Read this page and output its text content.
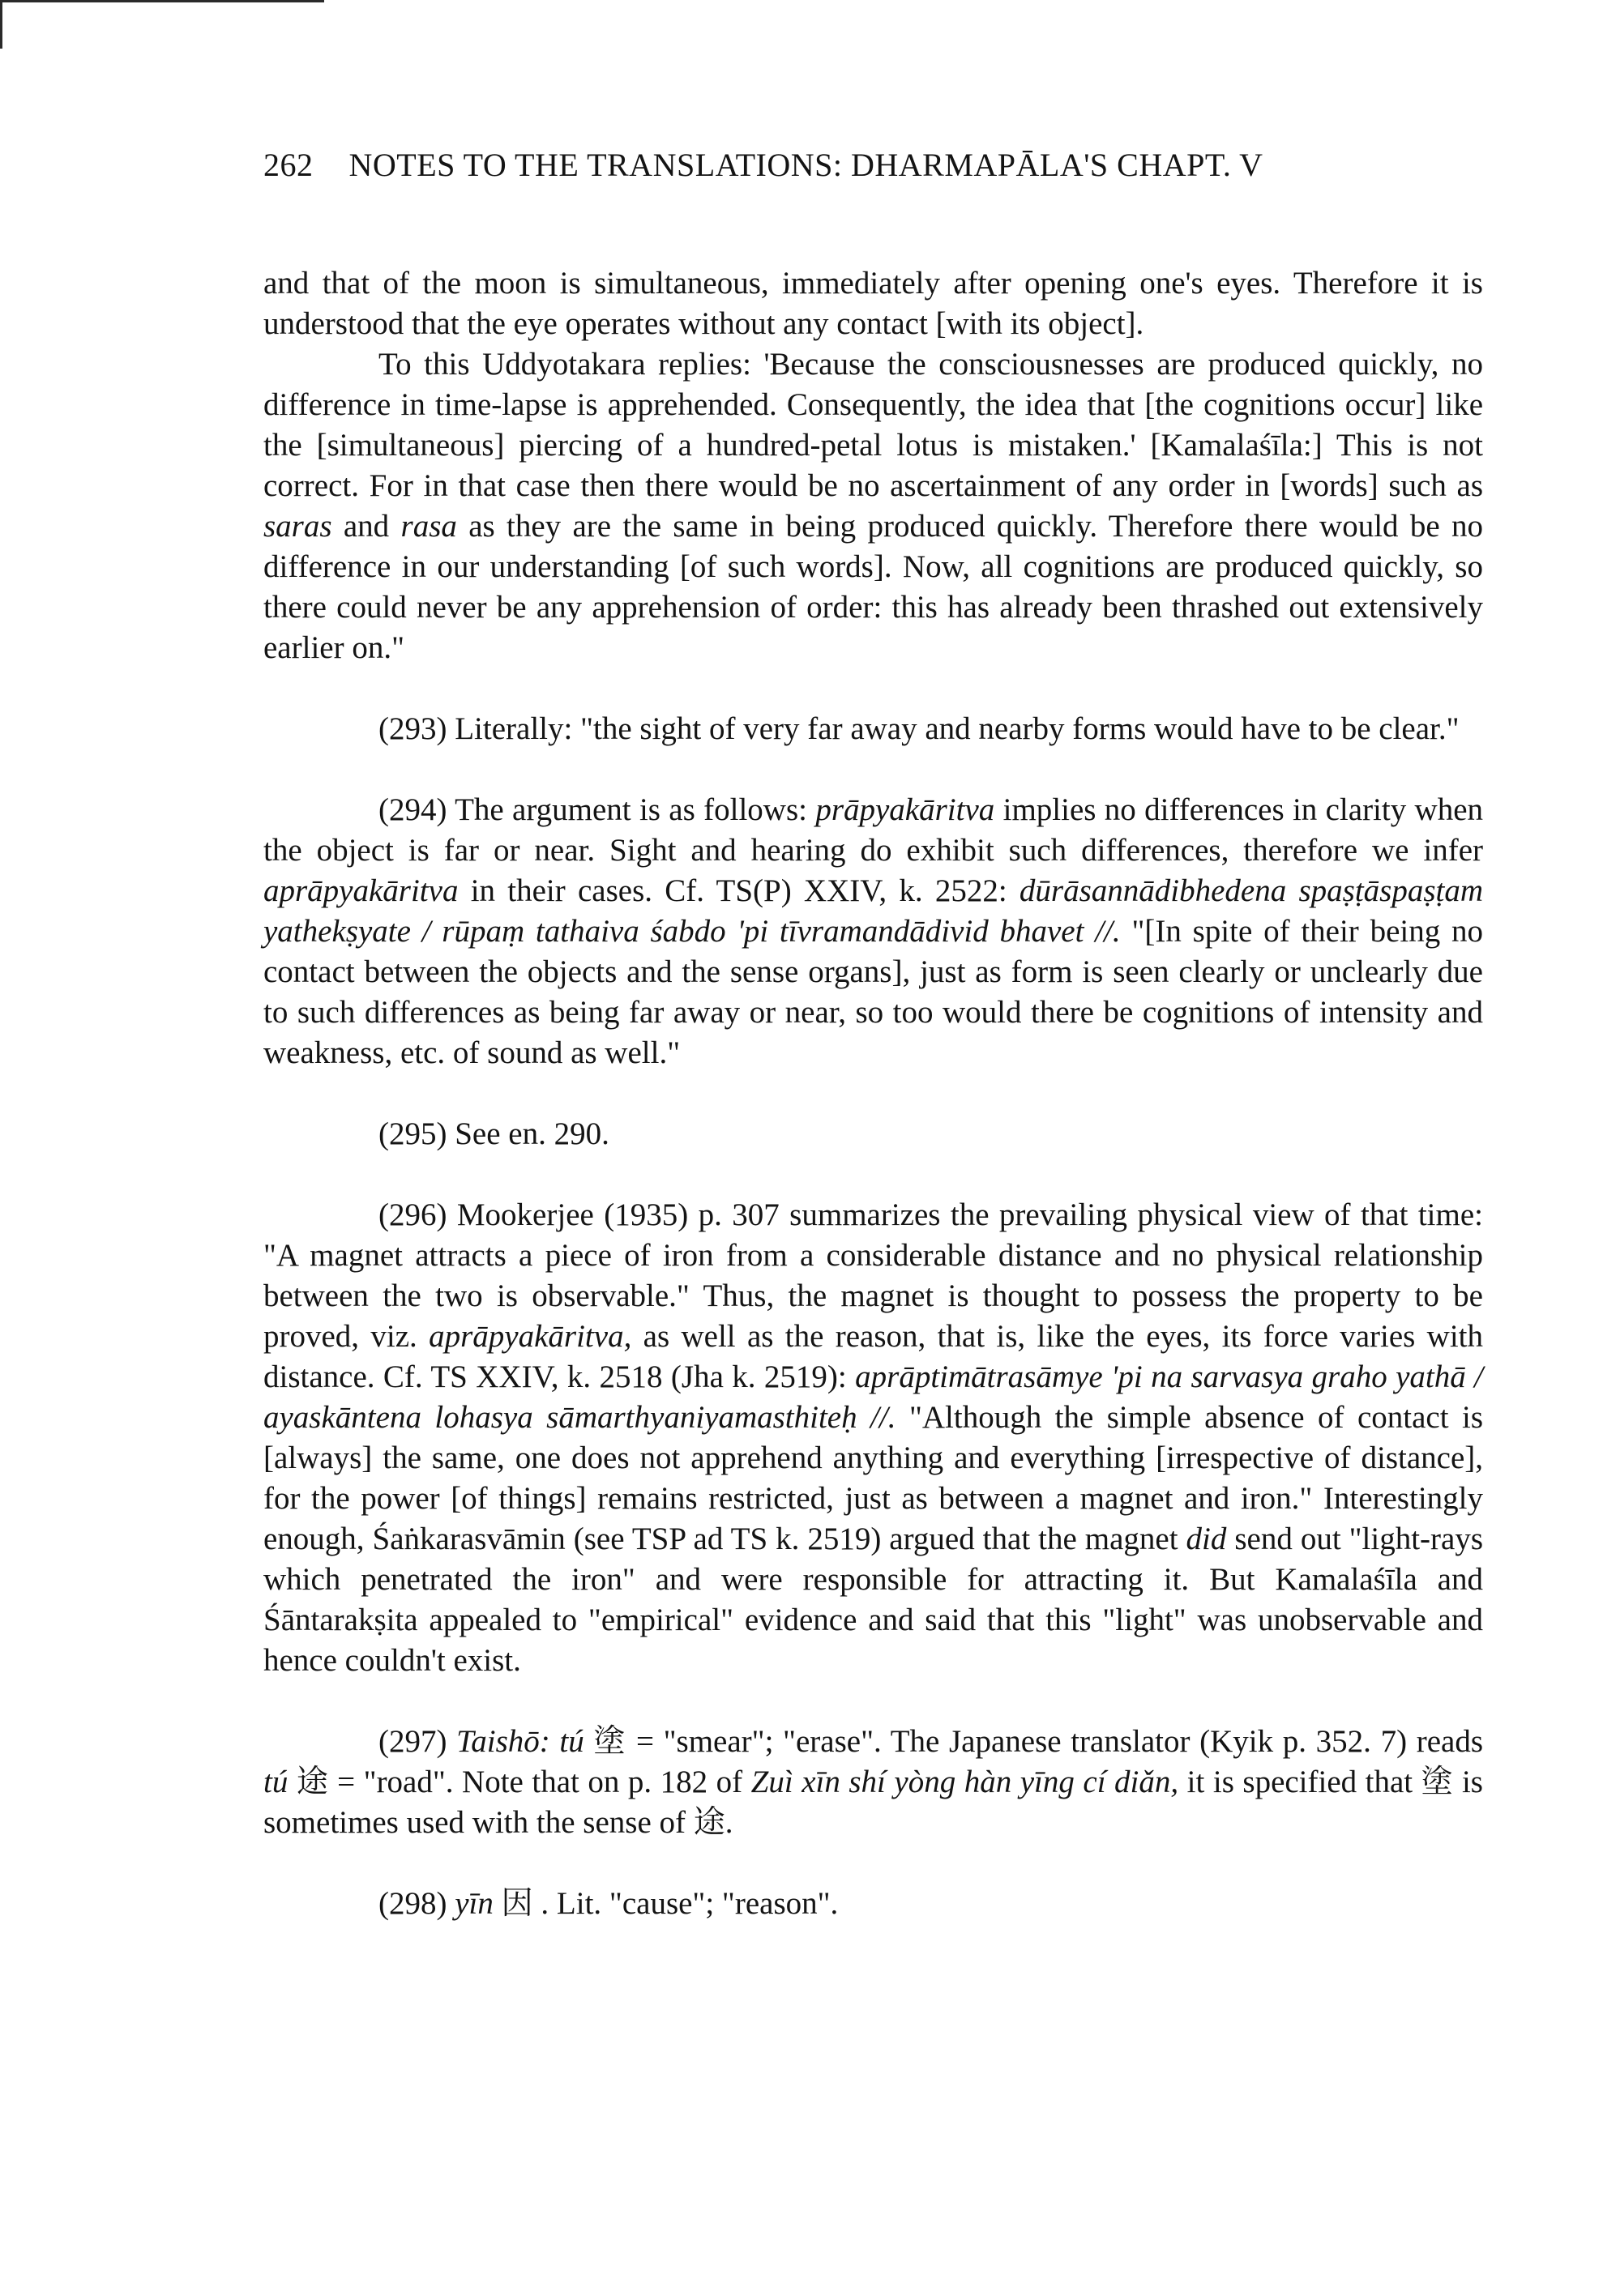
262 NOTES TO THE TRANSLATIONS: DHARMAPĀLA'S CHAPT. V

and that of the moon is simultaneous, immediately after opening one's eyes. Therefore it is understood that the eye operates without any contact [with its object].

To this Uddyotakara replies: 'Because the consciousnesses are produced quickly, no difference in time-lapse is apprehended. Consequently, the idea that [the cognitions occur] like the [simultaneous] piercing of a hundred-petal lotus is mistaken.' [Kamalaśīla:] This is not correct. For in that case then there would be no ascertainment of any order in [words] such as saras and rasa as they are the same in being produced quickly. Therefore there would be no difference in our understanding [of such words]. Now, all cognitions are produced quickly, so there could never be any apprehension of order: this has already been thrashed out extensively earlier on."

(293) Literally: "the sight of very far away and nearby forms would have to be clear."

(294) The argument is as follows: prāpyakāritva implies no differences in clarity when the object is far or near. Sight and hearing do exhibit such differences, therefore we infer aprāpyakāritva in their cases. Cf. TS(P) XXIV, k. 2522: dūrāsannādibhedena spaṣṭāspaṣṭam yathekṣyate / rūpaṃ tathaiva śabdo 'pi tīvramandādivid bhavet //. "[In spite of their being no contact between the objects and the sense organs], just as form is seen clearly or unclearly due to such differences as being far away or near, so too would there be cognitions of intensity and weakness, etc. of sound as well."

(295) See en. 290.

(296) Mookerjee (1935) p. 307 summarizes the prevailing physical view of that time: "A magnet attracts a piece of iron from a considerable distance and no physical relationship between the two is observable." Thus, the magnet is thought to possess the property to be proved, viz. aprāpyakāritva, as well as the reason, that is, like the eyes, its force varies with distance. Cf. TS XXIV, k. 2518 (Jha k. 2519): aprāptimātrasāmye 'pi na sarvasya graho yathā / ayaskāntena lohasya sāmarthyaniyamasthiteḥ //. "Although the simple absence of contact is [always] the same, one does not apprehend anything and everything [irrespective of distance], for the power [of things] remains restricted, just as between a magnet and iron." Interestingly enough, Śaṅkarasvāmin (see TSP ad TS k. 2519) argued that the magnet did send out "light-rays which penetrated the iron" and were responsible for attracting it. But Kamalaśīla and Śāntarakṣita appealed to "empirical" evidence and said that this "light" was unobservable and hence couldn't exist.

(297) Taishō: tú 塗 = "smear"; "erase". The Japanese translator (Kyik p. 352. 7) reads tú 途 = "road". Note that on p. 182 of Zuì xīn shí yòng hàn yīng cí diǎn, it is specified that 塗 is sometimes used with the sense of 途.

(298) yīn 因 . Lit. "cause"; "reason".
